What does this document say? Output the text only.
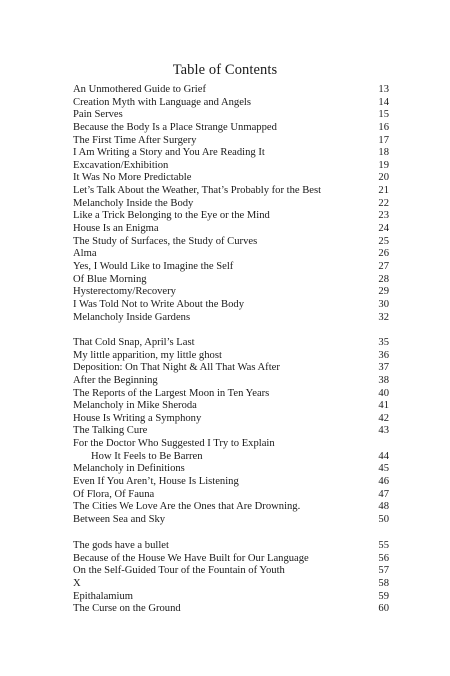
Table of Contents
An Unmothered Guide to Grief	13
Creation Myth with Language and Angels	14
Pain Serves	15
Because the Body Is a Place Strange Unmapped	16
The First Time After Surgery	17
I Am Writing a Story and You Are Reading It	18
Excavation/Exhibition	19
It Was No More Predictable	20
Let’s Talk About the Weather, That’s Probably for the Best	21
Melancholy Inside the Body	22
Like a Trick Belonging to the Eye or the Mind	23
House Is an Enigma	24
The Study of Surfaces, the Study of Curves	25
Alma	26
Yes, I Would Like to Imagine the Self	27
Of Blue Morning	28
Hysterectomy/Recovery	29
I Was Told Not to Write About the Body	30
Melancholy Inside Gardens	32
That Cold Snap, April’s Last	35
My little apparition, my little ghost	36
Deposition: On That Night & All That Was After	37
After the Beginning	38
The Reports of the Largest Moon in Ten Years	40
Melancholy in Mike Sheroda	41
House Is Writing a Symphony	42
The Talking Cure	43
For the Doctor Who Suggested I Try to Explain
How It Feels to Be Barren	44
Melancholy in Definitions	45
Even If You Aren’t, House Is Listening	46
Of Flora, Of Fauna	47
The Cities We Love Are the Ones that Are Drowning.	48
Between Sea and Sky	50
The gods have a bullet	55
Because of the House We Have Built for Our Language	56
On the Self-Guided Tour of the Fountain of Youth	57
X	58
Epithalamium	59
The Curse on the Ground	60
